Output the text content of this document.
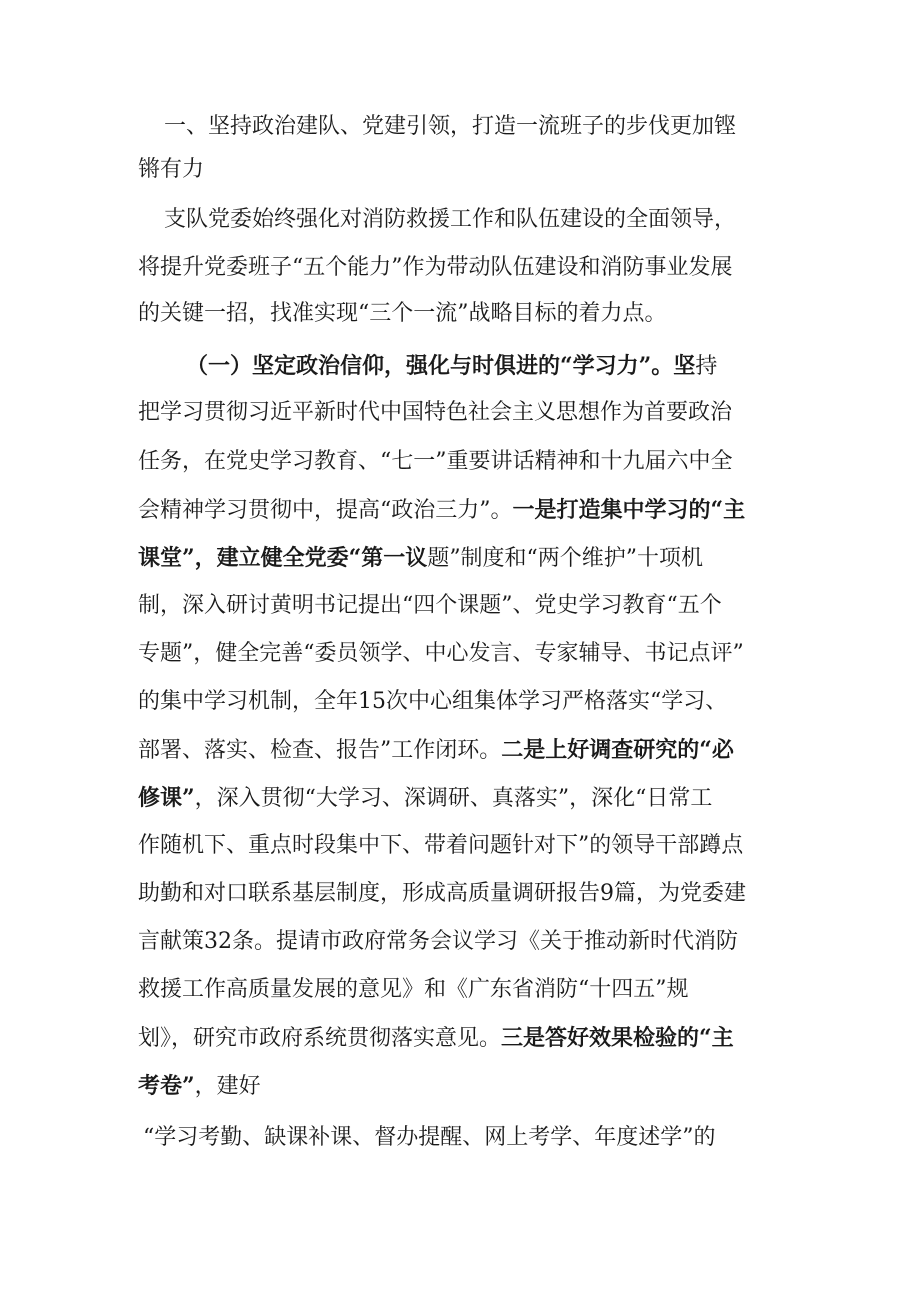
一、坚持政治建队、党建引领，打造一流班子的步伐更加铿
锵有力
支队党委始终强化对消防救援工作和队伍建设的全面领导，
将提升党委班子“五个能力”作为带动队伍建设和消防事业发展
的关键一招，找准实现“三个一流”战略目标的着力点。
（一）坚定政治信仰，强化与时俱进的“学习力”。坚持
把学习贯彻习近平新时代中国特色社会主义思想作为首要政治
任务，在党史学习教育、“七一”重要讲话精神和十九届六中全
会精神学习贯彻中，提高“政治三力”。一是打造集中学习的“主
课堂”，建立健全党委“第一议题”制度和“两个维护”十项机
制，深入研讨黄明书记提出“四个课题”、党史学习教育“五个
专题”，健全完善“委员领学、中心发言、专家辅导、书记点评”
的集中学习机制，全年15次中心组集体学习严格落实“学习、
部署、落实、检查、报告”工作闭环。二是上好调查研究的“必
修课”，深入贯彻“大学习、深调研、真落实”，深化“日常工
作随机下、重点时段集中下、带着问题针对下”的领导干部蹲点
助勤和对口联系基层制度，形成高质量调研报告9篇，为党委建
言献策32条。提请市政府常务会议学习《关于推动新时代消防
救援工作高质量发展的意见》和《广东省消防“十四五”规
划》，研究市政府系统贯彻落实意见。三是答好效果检验的“主
考卷”，建好
“学习考勤、缺课补课、督办提醒、网上考学、年度述学”的
